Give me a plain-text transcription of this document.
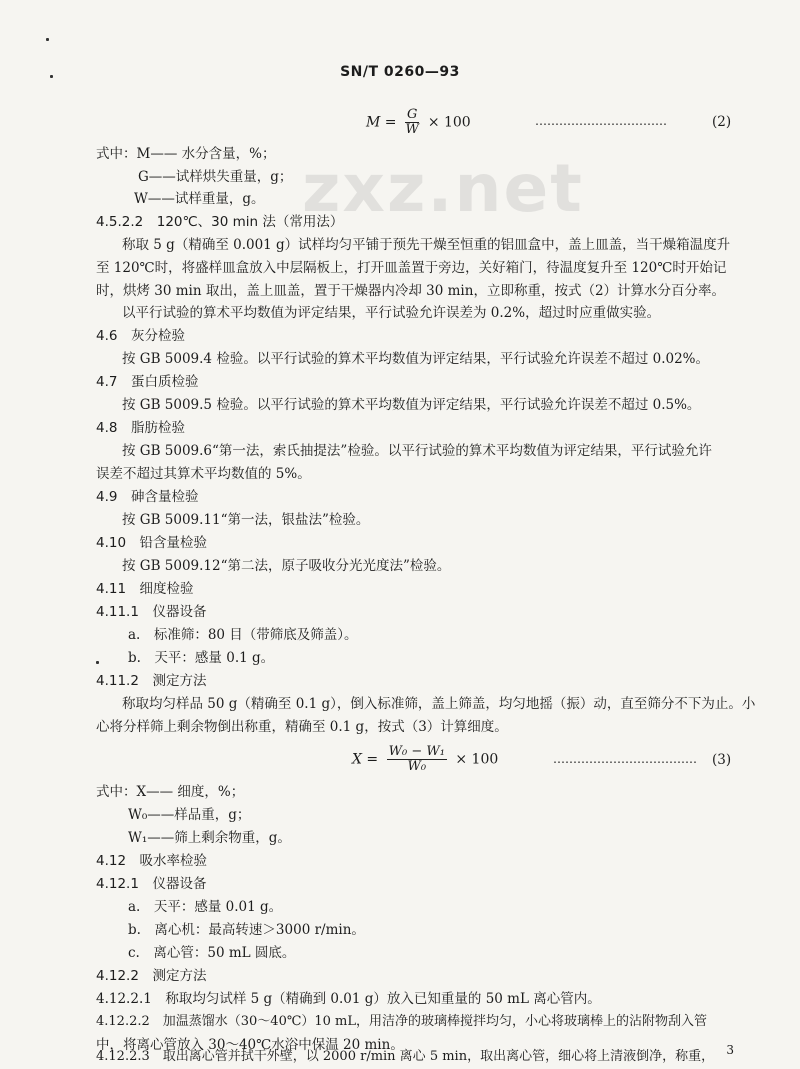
SN/T 0260—93
zxz.net
$M = \frac{G}{W} \times 100$	……………………………	(2)
式中：M—— 水分含量，%；
G——试样烘失重量，g；
W——试样重量，g。
4.5.2.2　120℃、30 min 法（常用法）
称取 5 g（精确至 0.001 g）试样均匀平铺于预先干燥至恒重的铝皿盒中，盖上皿盖，当干燥箱温度升
至 120℃时，将盛样皿盒放入中层隔板上，打开皿盖置于旁边，关好箱门，待温度复升至 120℃时开始记
时，烘烤 30 min 取出，盖上皿盖，置于干燥器内冷却 30 min，立即称重，按式（2）计算水分百分率。
以平行试验的算术平均数值为评定结果，平行试验允许误差为 0.2%，超过时应重做实验。
4.6　灰分检验
按 GB 5009.4 检验。以平行试验的算术平均数值为评定结果，平行试验允许误差不超过 0.02%。
4.7　蛋白质检验
按 GB 5009.5 检验。以平行试验的算术平均数值为评定结果，平行试验允许误差不超过 0.5%。
4.8　脂肪检验
按 GB 5009.6“第一法，索氏抽提法”检验。以平行试验的算术平均数值为评定结果，平行试验允许
误差不超过其算术平均数值的 5%。
4.9　砷含量检验
按 GB 5009.11“第一法，银盐法”检验。
4.10　铅含量检验
按 GB 5009.12“第二法，原子吸收分光光度法”检验。
4.11　细度检验
4.11.1　仪器设备
a.　标准筛：80 目（带筛底及筛盖）。
b.　天平：感量 0.1 g。
4.11.2　测定方法
称取均匀样品 50 g（精确至 0.1 g），倒入标准筛，盖上筛盖，均匀地摇（振）动，直至筛分不下为止。小
心将分样筛上剩余物倒出称重，精确至 0.1 g，按式（3）计算细度。
$X = \frac{\text{W₀ − W₁}}{\text{W₀}} \times 100$	……………………………… (3)
式中：X—— 细度，%；
W₀——样品重，g；
W₁——筛上剩余物重，g。
4.12　吸水率检验
4.12.1　仪器设备
a.　天平：感量 0.01 g。
b.　离心机：最高转速＞3000 r/min。
c.　离心管：50 mL 圆底。
4.12.2　测定方法
4.12.2.1　称取均匀试样 5 g（精确到 0.01 g）放入已知重量的 50 mL 离心管内。
4.12.2.2　加温蒸馏水（30～40℃）10 mL，用洁净的玻璃棒搅拌均匀，小心将玻璃棒上的沾附物刮入管
中，将离心管放入 30～40℃水浴中保温 20 min。
4.12.2.3　取出离心管并拭干外壁，以 2000 r/min 离心 5 min，取出离心管，细心将上清液倒净，称重， 3
